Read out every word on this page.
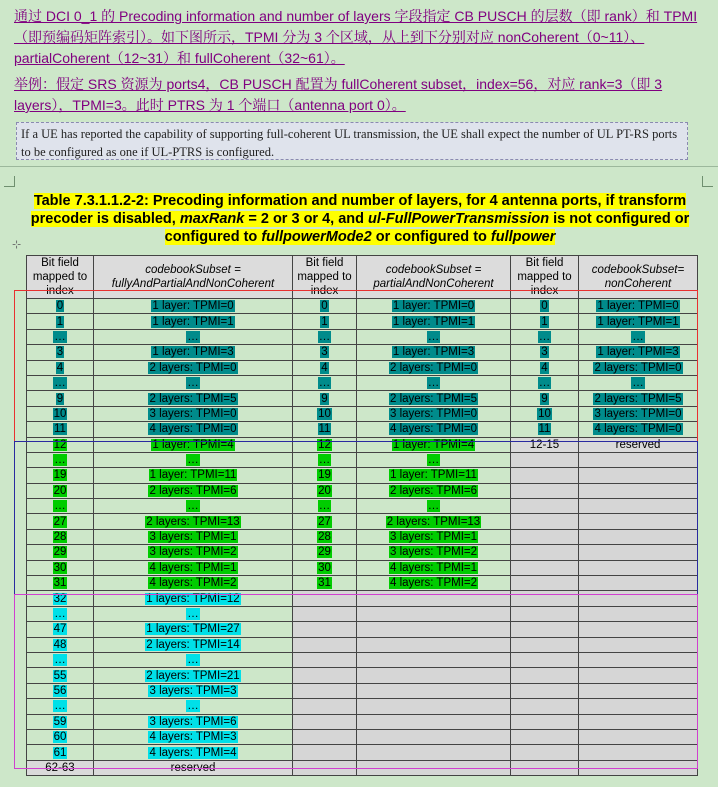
通过 DCI 0_1 的 Precoding information and number of layers 字段指定 CB PUSCH 的层数（即 rank）和 TPMI（即预编码矩阵索引）。如下图所示，TPMI 分为 3 个区域，从上到下分别对应 nonCoherent（0~11）、partialCoherent（12~31）和 fullCoherent（32~61）。
举例：假定 SRS 资源为 ports4，CB PUSCH 配置为 fullCoherent subset，index=56，对应 rank=3（即 3 layers），TPMI=3。此时 PTRS 为 1 个端口（antenna port 0）。
If a UE has reported the capability of supporting full-coherent UL transmission, the UE shall expect the number of UL PT-RS ports to be configured as one if UL-PTRS is configured.
Table 7.3.1.1.2-2: Precoding information and number of layers, for 4 antenna ports, if transform precoder is disabled, maxRank = 2 or 3 or 4, and ul-FullPowerTransmission is not configured or configured to fullpowerMode2 or configured to fullpower
⊹
Bit field mapped to index	codebookSubset = fullyAndPartialAndNonCoherent	Bit field mapped to index	codebookSubset = partialAndNonCoherent	Bit field mapped to index	codebookSubset= nonCoherent
0	1 layer: TPMI=0	0	1 layer: TPMI=0	0	1 layer: TPMI=0
1	1 layer: TPMI=1	1	1 layer: TPMI=1	1	1 layer: TPMI=1
…	…	…	…	…	…
3	1 layer: TPMI=3	3	1 layer: TPMI=3	3	1 layer: TPMI=3
4	2 layers: TPMI=0	4	2 layers: TPMI=0	4	2 layers: TPMI=0
…	…	…	…	…	…
9	2 layers: TPMI=5	9	2 layers: TPMI=5	9	2 layers: TPMI=5
10	3 layers: TPMI=0	10	3 layers: TPMI=0	10	3 layers: TPMI=0
11	4 layers: TPMI=0	11	4 layers: TPMI=0	11	4 layers: TPMI=0
12	1 layer: TPMI=4	12	1 layer: TPMI=4	12-15	reserved
…	…	…	…		
19	1 layer: TPMI=11	19	1 layer: TPMI=11		
20	2 layers: TPMI=6	20	2 layers: TPMI=6		
…	…	…	…		
27	2 layers: TPMI=13	27	2 layers: TPMI=13		
28	3 layers: TPMI=1	28	3 layers: TPMI=1		
29	3 layers: TPMI=2	29	3 layers: TPMI=2		
30	4 layers: TPMI=1	30	4 layers: TPMI=1		
31	4 layers: TPMI=2	31	4 layers: TPMI=2		
32	1 layers: TPMI=12				
…	…				
47	1 layers: TPMI=27				
48	2 layers: TPMI=14				
…	…				
55	2 layers: TPMI=21				
56	3 layers: TPMI=3				
…	…				
59	3 layers: TPMI=6				
60	4 layers: TPMI=3				
61	4 layers: TPMI=4				
62-63	reserved				
